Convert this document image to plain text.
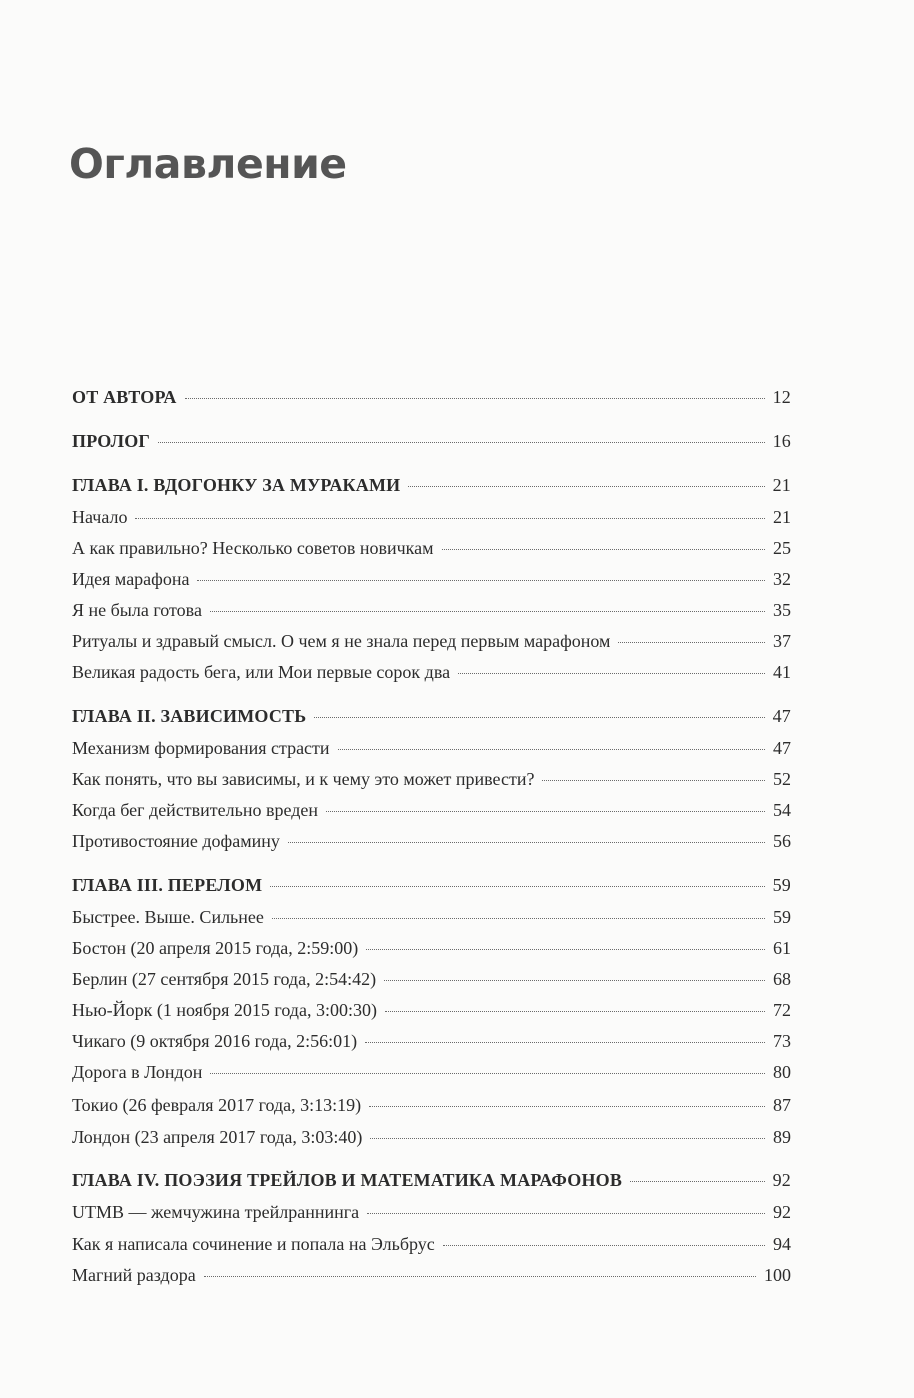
Оглавление
ОТ АВТОРА	12
ПРОЛОГ	16
ГЛАВА I. ВДОГОНКУ ЗА МУРАКАМИ	21
Начало	21
А как правильно? Несколько советов новичкам	25
Идея марафона	32
Я не была готова	35
Ритуалы и здравый смысл. О чем я не знала перед первым марафоном	37
Великая радость бега, или Мои первые сорок два	41
ГЛАВА II. ЗАВИСИМОСТЬ	47
Механизм формирования страсти	47
Как понять, что вы зависимы, и к чему это может привести?	52
Когда бег действительно вреден	54
Противостояние дофамину	56
ГЛАВА III. ПЕРЕЛОМ	59
Быстрее. Выше. Сильнее	59
Бостон (20 апреля 2015 года, 2:59:00)	61
Берлин (27 сентября 2015 года, 2:54:42)	68
Нью-Йорк (1 ноября 2015 года, 3:00:30)	72
Чикаго (9 октября 2016 года, 2:56:01)	73
Дорога в Лондон	80
Токио (26 февраля 2017 года, 3:13:19)	87
Лондон (23 апреля 2017 года, 3:03:40)	89
ГЛАВА IV. ПОЭЗИЯ ТРЕЙЛОВ И МАТЕМАТИКА МАРАФОНОВ	92
UTMB — жемчужина трейлраннинга	92
Как я написала сочинение и попала на Эльбрус	94
Магний раздора	100
